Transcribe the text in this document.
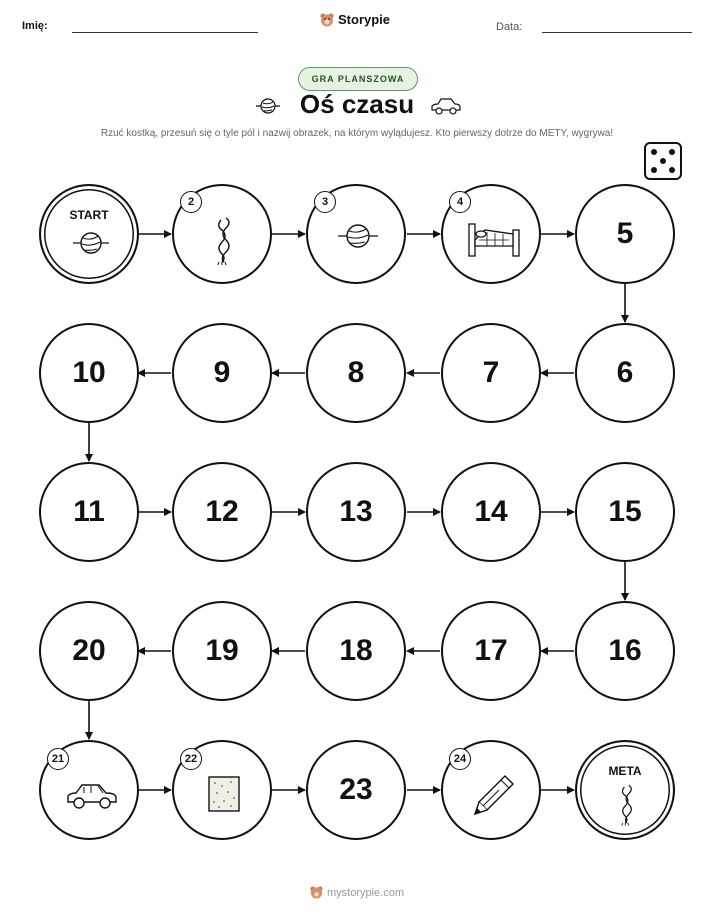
Imię:	Storypie	Data:
GRA PLANSZOWA
Oś czasu
Rzuć kostką, przesuń się o tyle pól i nazwij obrazek, na którym wylądujesz. Kto pierwszy dotrze do METY, wygrywa!
START
2	3	4
5
10	9	8	7	6
11	12	13	14	15
20	19	18	17	16
21	22
23
24
META
mystorypie.com
